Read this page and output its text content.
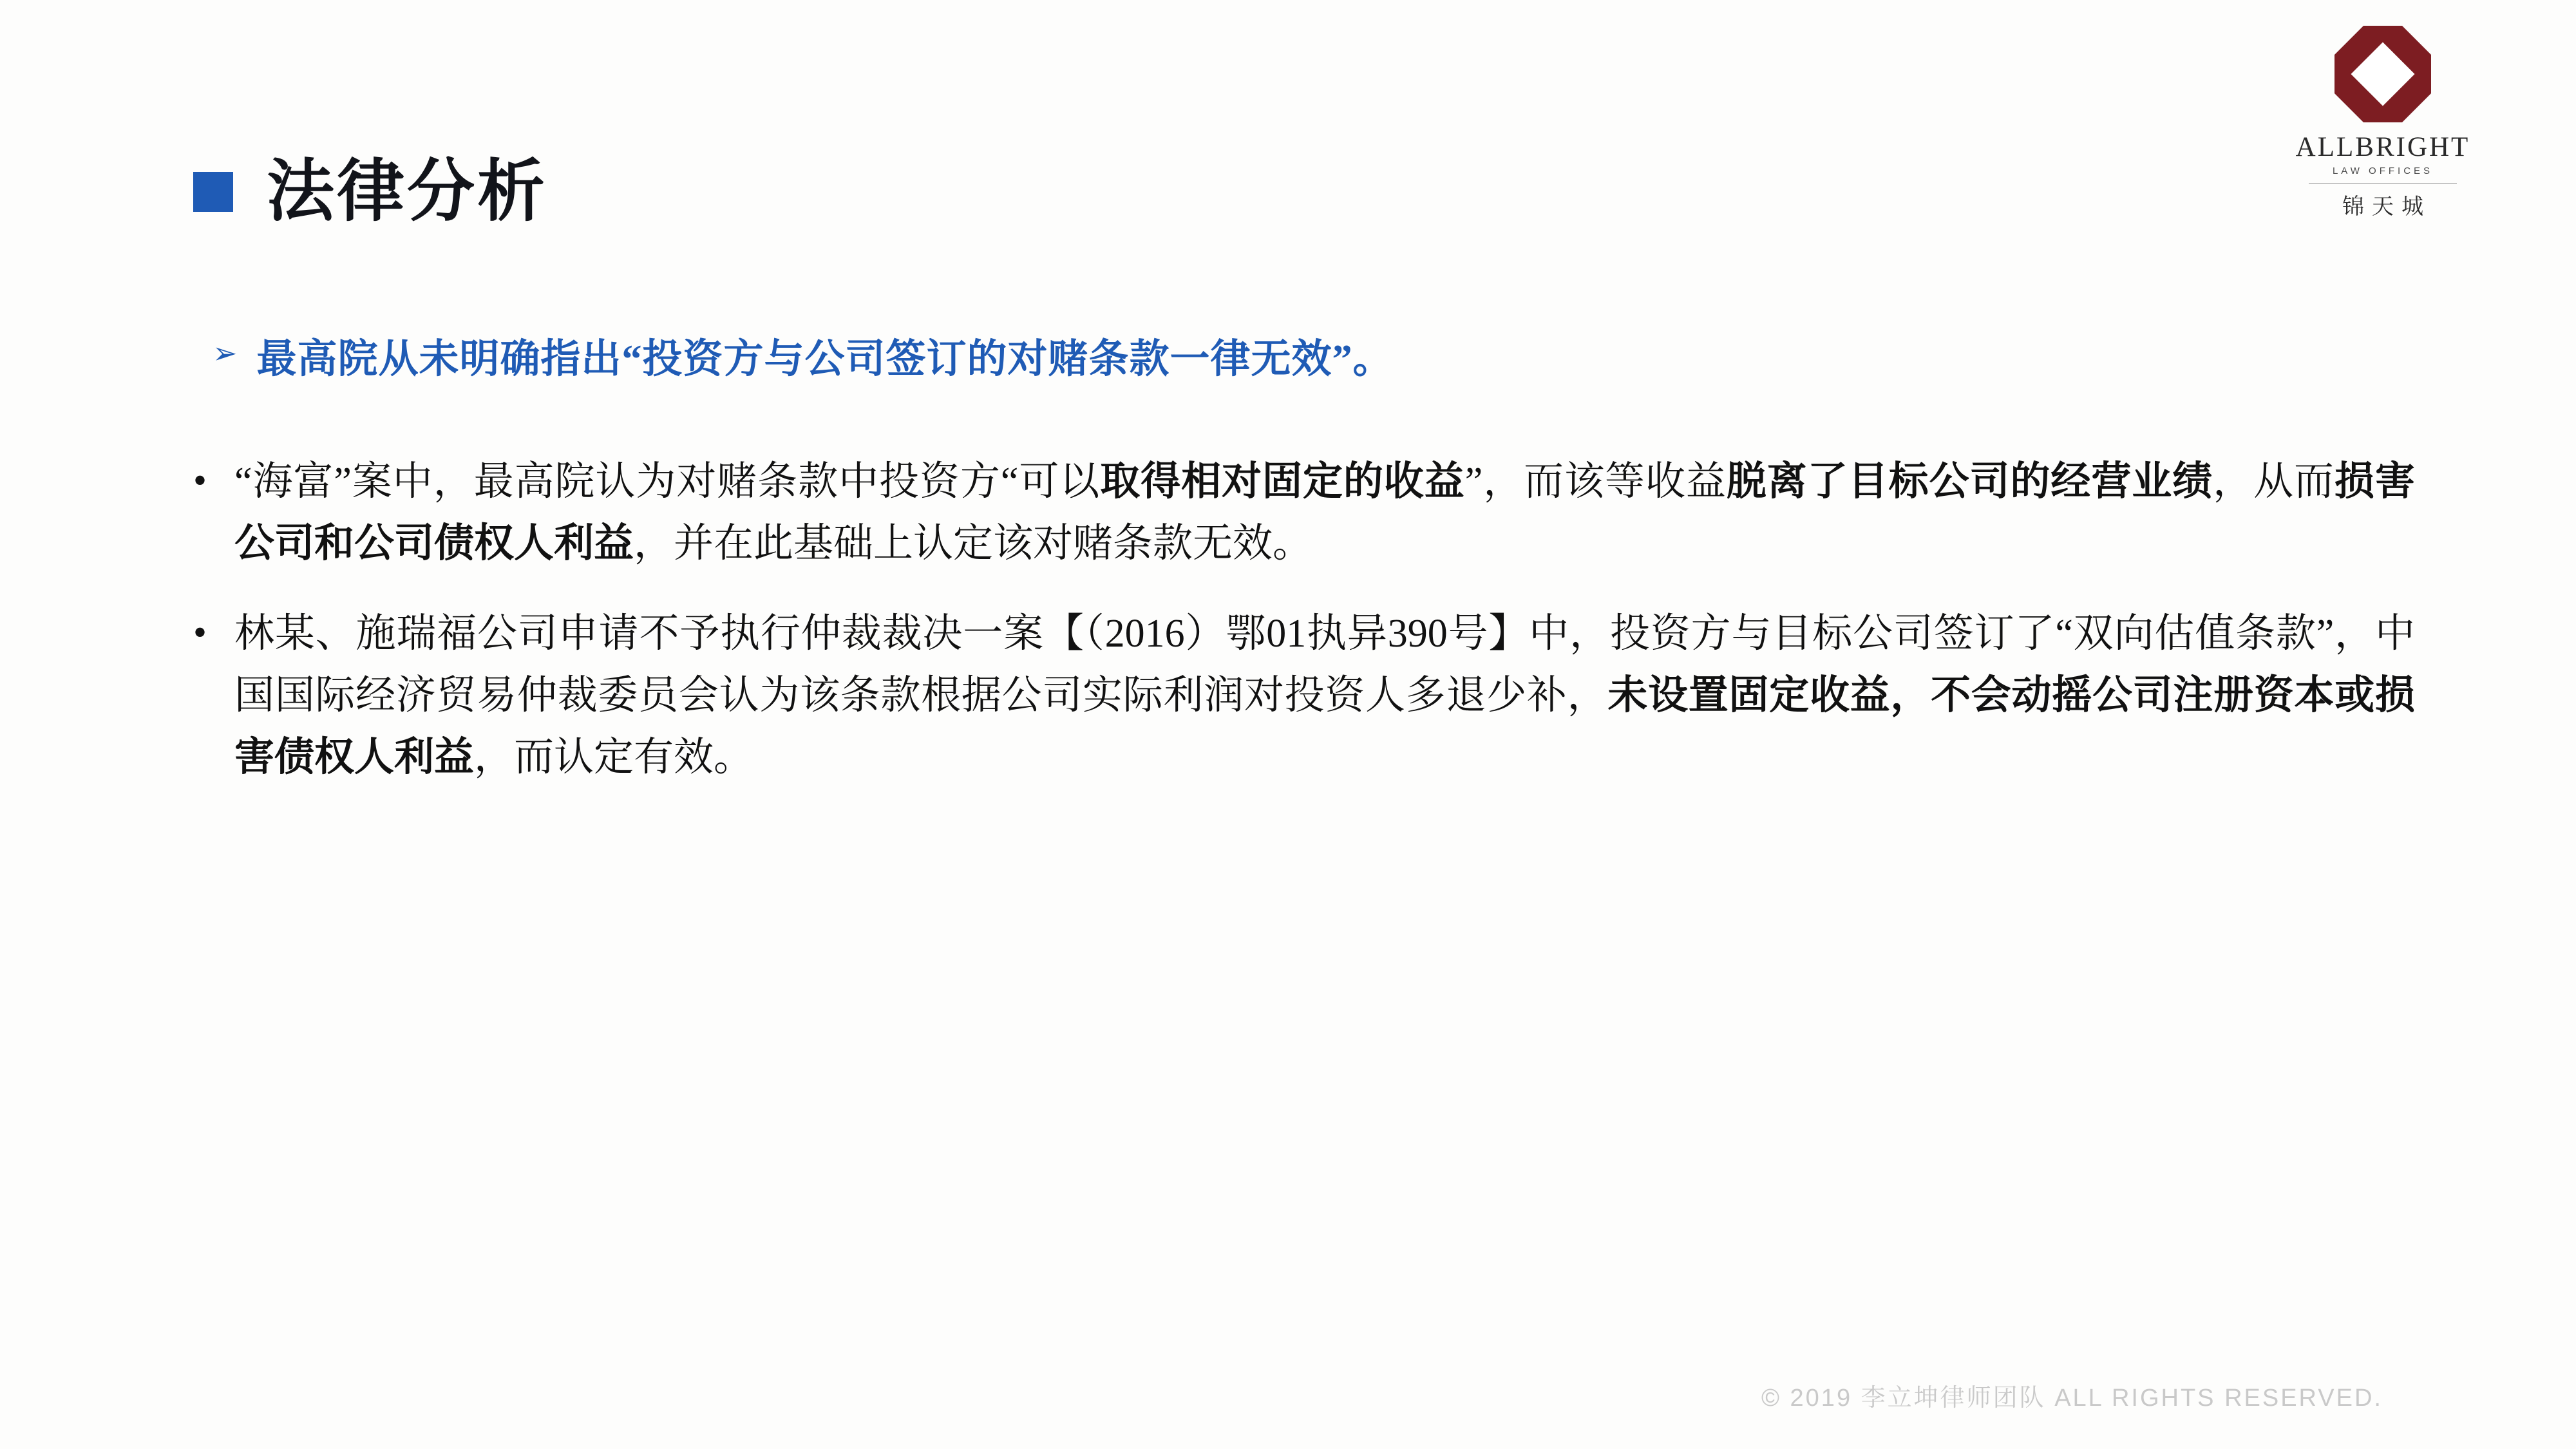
ALLBRIGHT
LAW OFFICES
锦天城
法律分析
➢ 最高院从未明确指出“投资方与公司签订的对赌条款一律无效”。
• “海富”案中，最高院认为对赌条款中投资方“可以取得相对固定的收益”，而该等收益脱离了目标公司的经营业绩，从而损害公司和公司债权人利益，并在此基础上认定该对赌条款无效。
• 林某、施瑞福公司申请不予执行仲裁裁决一案【（2016）鄂01执异390号】中，投资方与目标公司签订了“双向估值条款”，中国国际经济贸易仲裁委员会认为该条款根据公司实际利润对投资人多退少补，未设置固定收益，不会动摇公司注册资本或损害债权人利益，而认定有效。
© 2019 李立坤律师团队 ALL RIGHTS RESERVED.
